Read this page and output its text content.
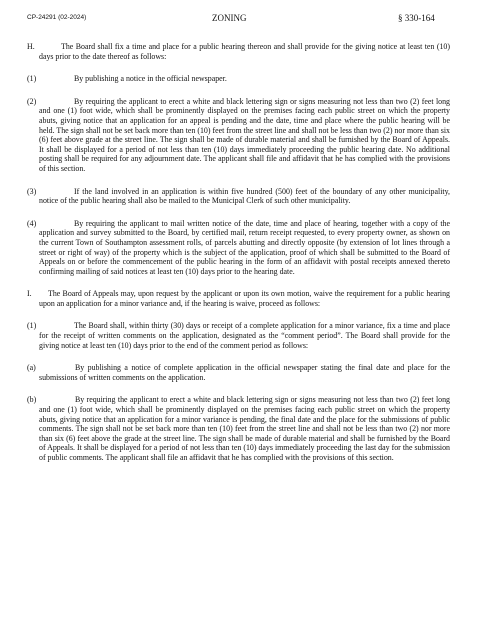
CP-24291 (02-2024)	ZONING	§ 330-164
H.	The Board shall fix a time and place for a public hearing thereon and shall provide for the giving notice at least ten (10) days prior to the date thereof as follows:
(1)	By publishing a notice in the official newspaper.
(2)	By requiring the applicant to erect a white and black lettering sign or signs measuring not less than two (2) feet long and one (1) foot wide, which shall be prominently displayed on the premises facing each public street on which the property abuts, giving notice that an application for an appeal is pending and the date, time and place where the public hearing will be held. The sign shall not be set back more than ten (10) feet from the street line and shall not be less than two (2) nor more than six (6) feet above grade at the street line. The sign shall be made of durable material and shall be furnished by the Board of Appeals. It shall be displayed for a period of not less than ten (10) days immediately proceeding the public hearing date. No additional posting shall be required for any adjournment date. The applicant shall file and affidavit that he has complied with the provisions of this section.
(3)	If the land involved in an application is within five hundred (500) feet of the boundary of any other municipality, notice of the public hearing shall also be mailed to the Municipal Clerk of such other municipality.
(4)	By requiring the applicant to mail written notice of the date, time and place of hearing, together with a copy of the application and survey submitted to the Board, by certified mail, return receipt requested, to every property owner, as shown on the current Town of Southampton assessment rolls, of parcels abutting and directly opposite (by extension of lot lines through a street or right of way) of the property which is the subject of the application, proof of which shall be submitted to the Board of Appeals on or before the commencement of the public hearing in the form of an affidavit with postal receipts annexed thereto confirming mailing of said notices at least ten (10) days prior to the hearing date.
I.	The Board of Appeals may, upon request by the applicant or upon its own motion, waive the requirement for a public hearing upon an application for a minor variance and, if the hearing is waive, proceed as follows:
(1)	The Board shall, within thirty (30) days or receipt of a complete application for a minor variance, fix a time and place for the receipt of written comments on the application, designated as the “comment period”. The Board shall provide for the giving notice at least ten (10) days prior to the end of the comment period as follows:
(a)	By publishing a notice of complete application in the official newspaper stating the final date and place for the submissions of written comments on the application.
(b)	By requiring the applicant to erect a white and black lettering sign or signs measuring not less than two (2) feet long and one (1) foot wide, which shall be prominently displayed on the premises facing each public street on which the property abuts, giving notice that an application for a minor variance is pending, the final date and the place for the submissions of public comments. The sign shall not be set back more than ten (10) feet from the street line and shall not be less than two (2) nor more than six (6) feet above the grade at the street line. The sign shall be made of durable material and shall be furnished by the Board of Appeals. It shall be displayed for a period of not less than ten (10) days immediately proceeding the last day for the submission of public comments. The applicant shall file an affidavit that he has complied with the provisions of this section.
